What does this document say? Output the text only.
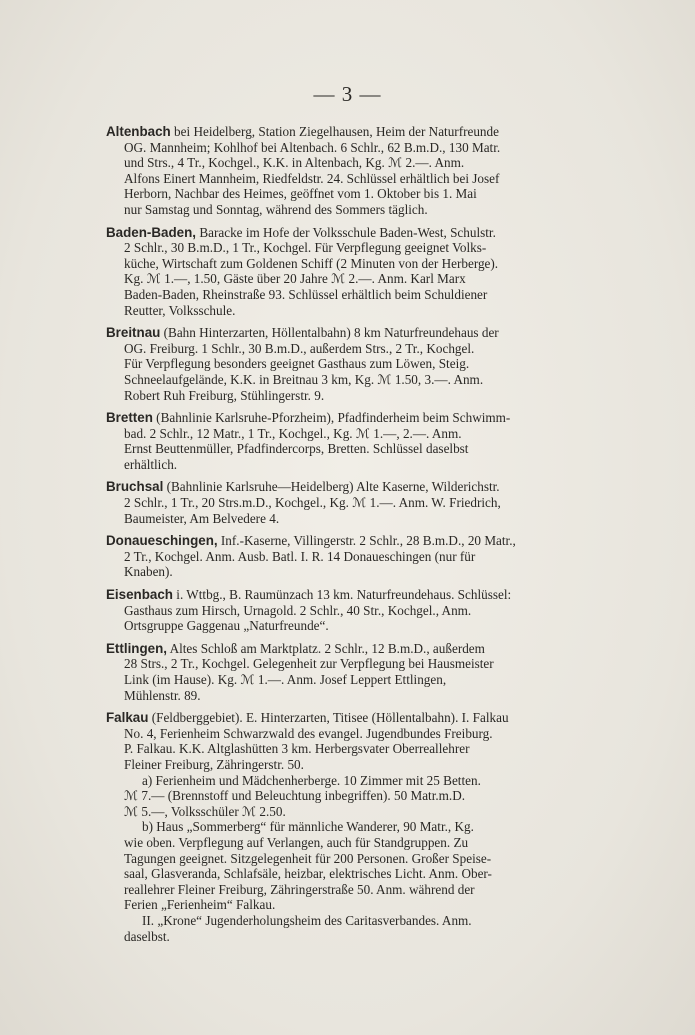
— 3 —
Altenbach bei Heidelberg, Station Ziegelhausen, Heim der Naturfreunde
OG. Mannheim; Kohlhof bei Altenbach. 6 Schlr., 62 B.m.D., 130 Matr.
und Strs., 4 Tr., Kochgel., K.K. in Altenbach, Kg. ℳ 2.—. Anm.
Alfons Einert Mannheim, Riedfeldstr. 24. Schlüssel erhältlich bei Josef
Herborn, Nachbar des Heimes, geöffnet vom 1. Oktober bis 1. Mai
nur Samstag und Sonntag, während des Sommers täglich.
Baden-Baden, Baracke im Hofe der Volksschule Baden-West, Schulstr.
2 Schlr., 30 B.m.D., 1 Tr., Kochgel. Für Verpflegung geeignet Volks-
küche, Wirtschaft zum Goldenen Schiff (2 Minuten von der Herberge).
Kg. ℳ 1.—, 1.50, Gäste über 20 Jahre ℳ 2.—. Anm. Karl Marx
Baden-Baden, Rheinstraße 93. Schlüssel erhältlich beim Schuldiener
Reutter, Volksschule.
Breitnau (Bahn Hinterzarten, Höllentalbahn) 8 km Naturfreundehaus der
OG. Freiburg. 1 Schlr., 30 B.m.D., außerdem Strs., 2 Tr., Kochgel.
Für Verpflegung besonders geeignet Gasthaus zum Löwen, Steig.
Schneelaufgelände, K.K. in Breitnau 3 km, Kg. ℳ 1.50, 3.—. Anm.
Robert Ruh Freiburg, Stühlingerstr. 9.
Bretten (Bahnlinie Karlsruhe-Pforzheim), Pfadfinderheim beim Schwimm-
bad. 2 Schlr., 12 Matr., 1 Tr., Kochgel., Kg. ℳ 1.—, 2.—. Anm.
Ernst Beuttenmüller, Pfadfindercorps, Bretten. Schlüssel daselbst
erhältlich.
Bruchsal (Bahnlinie Karlsruhe—Heidelberg) Alte Kaserne, Wilderichstr.
2 Schlr., 1 Tr., 20 Strs.m.D., Kochgel., Kg. ℳ 1.—. Anm. W. Friedrich,
Baumeister, Am Belvedere 4.
Donaueschingen, Inf.-Kaserne, Villingerstr. 2 Schlr., 28 B.m.D., 20 Matr.,
2 Tr., Kochgel. Anm. Ausb. Batl. I. R. 14 Donaueschingen (nur für
Knaben).
Eisenbach i. Wttbg., B. Raumünzach 13 km. Naturfreundehaus. Schlüssel:
Gasthaus zum Hirsch, Urnagold. 2 Schlr., 40 Str., Kochgel., Anm.
Ortsgruppe Gaggenau „Naturfreunde“.
Ettlingen, Altes Schloß am Marktplatz. 2 Schlr., 12 B.m.D., außerdem
28 Strs., 2 Tr., Kochgel. Gelegenheit zur Verpflegung bei Hausmeister
Link (im Hause). Kg. ℳ 1.—. Anm. Josef Leppert Ettlingen,
Mühlenstr. 89.
Falkau (Feldberggebiet). E. Hinterzarten, Titisee (Höllentalbahn). I. Falkau
No. 4, Ferienheim Schwarzwald des evangel. Jugendbundes Freiburg.
P. Falkau. K.K. Altglashütten 3 km. Herbergsvater Oberreallehrer
Fleiner Freiburg, Zähringerstr. 50.
a) Ferienheim und Mädchenherberge. 10 Zimmer mit 25 Betten.
ℳ 7.— (Brennstoff und Beleuchtung inbegriffen). 50 Matr.m.D.
ℳ 5.—, Volksschüler ℳ 2.50.
b) Haus „Sommerberg“ für männliche Wanderer, 90 Matr., Kg.
wie oben. Verpflegung auf Verlangen, auch für Standgruppen. Zu
Tagungen geeignet. Sitzgelegenheit für 200 Personen. Großer Speise-
saal, Glasveranda, Schlafsäle, heizbar, elektrisches Licht. Anm. Ober-
reallehrer Fleiner Freiburg, Zähringerstraße 50. Anm. während der
Ferien „Ferienheim“ Falkau.
II. „Krone“ Jugenderholungsheim des Caritasverbandes. Anm.
daselbst.
